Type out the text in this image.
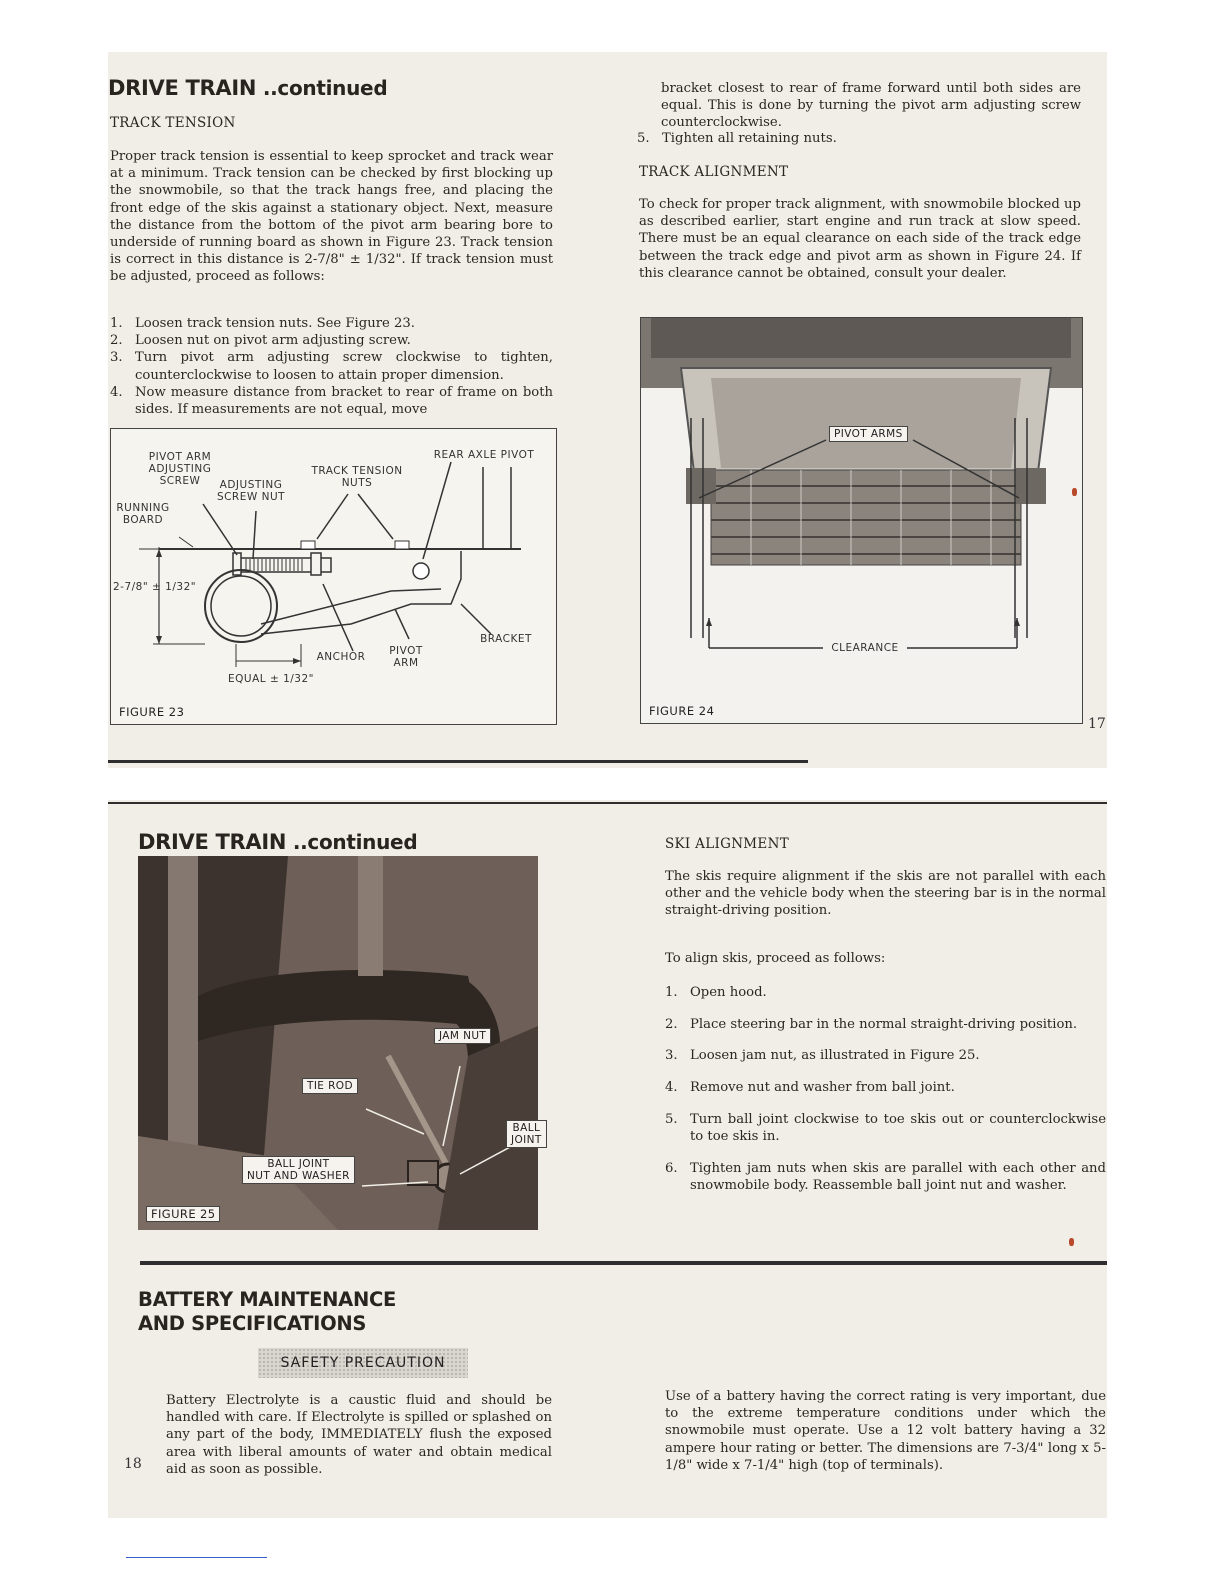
DRIVE TRAIN ..continued
TRACK TENSION
Proper track tension is essential to keep sprocket and track wear at a minimum. Track tension can be checked by first blocking up the snowmobile, so that the track hangs free, and placing the front edge of the skis against a stationary object. Next, measure the distance from the bottom of the pivot arm bearing bore to underside of running board as shown in Figure 23. Track tension is correct in this distance is 2-7/8" ± 1/32". If track tension must be adjusted, proceed as follows:
1. Loosen track tension nuts. See Figure 23.
2. Loosen nut on pivot arm adjusting screw.
3. Turn pivot arm adjusting screw clockwise to tighten, counterclockwise to loosen to attain proper dimension.
4. Now measure distance from bracket to rear of frame on both sides. If measurements are not equal, move
PIVOT ARM
ADJUSTING
SCREW	ADJUSTING
SCREW NUT
TRACK TENSION
NUTS
REAR AXLE PIVOT
RUNNING
BOARD
2-7/8" ± 1/32"
ANCHOR	PIVOT
ARM
BRACKET
EQUAL ± 1/32"
FIGURE 23
bracket closest to rear of frame forward until both sides are equal. This is done by turning the pivot arm adjusting screw counterclockwise.
5. Tighten all retaining nuts.
TRACK ALIGNMENT
To check for proper track alignment, with snowmobile blocked up as described earlier, start engine and run track at slow speed. There must be an equal clearance on each side of the track edge between the track edge and pivot arm as shown in Figure 24. If this clearance cannot be obtained, consult your dealer.
PIVOT ARMS
CLEARANCE
FIGURE 24
17
DRIVE TRAIN ..continued
JAM NUT
TIE ROD
BALL
JOINT
BALL JOINT
NUT AND WASHER
FIGURE 25
SKI ALIGNMENT
The skis require alignment if the skis are not parallel with each other and the vehicle body when the steering bar is in the normal straight-driving position.
To align skis, proceed as follows:
1. Open hood.
2. Place steering bar in the normal straight-driving position.
3. Loosen jam nut, as illustrated in Figure 25.
4. Remove nut and washer from ball joint.
5. Turn ball joint clockwise to toe skis out or counterclockwise to toe skis in.
6. Tighten jam nuts when skis are parallel with each other and snowmobile body. Reassemble ball joint nut and washer.
BATTERY MAINTENANCE
AND SPECIFICATIONS
SAFETY PRECAUTION
Battery Electrolyte is a caustic fluid and should be handled with care. If Electrolyte is spilled or splashed on any part of the body, IMMEDIATELY flush the exposed area with liberal amounts of water and obtain medical aid as soon as possible.
Use of a battery having the correct rating is very important, due to the extreme temperature conditions under which the snowmobile must operate. Use a 12 volt battery having a 32 ampere hour rating or better. The dimensions are 7-3/4" long x 5-1/8" wide x 7-1/4" high (top of terminals).
18
